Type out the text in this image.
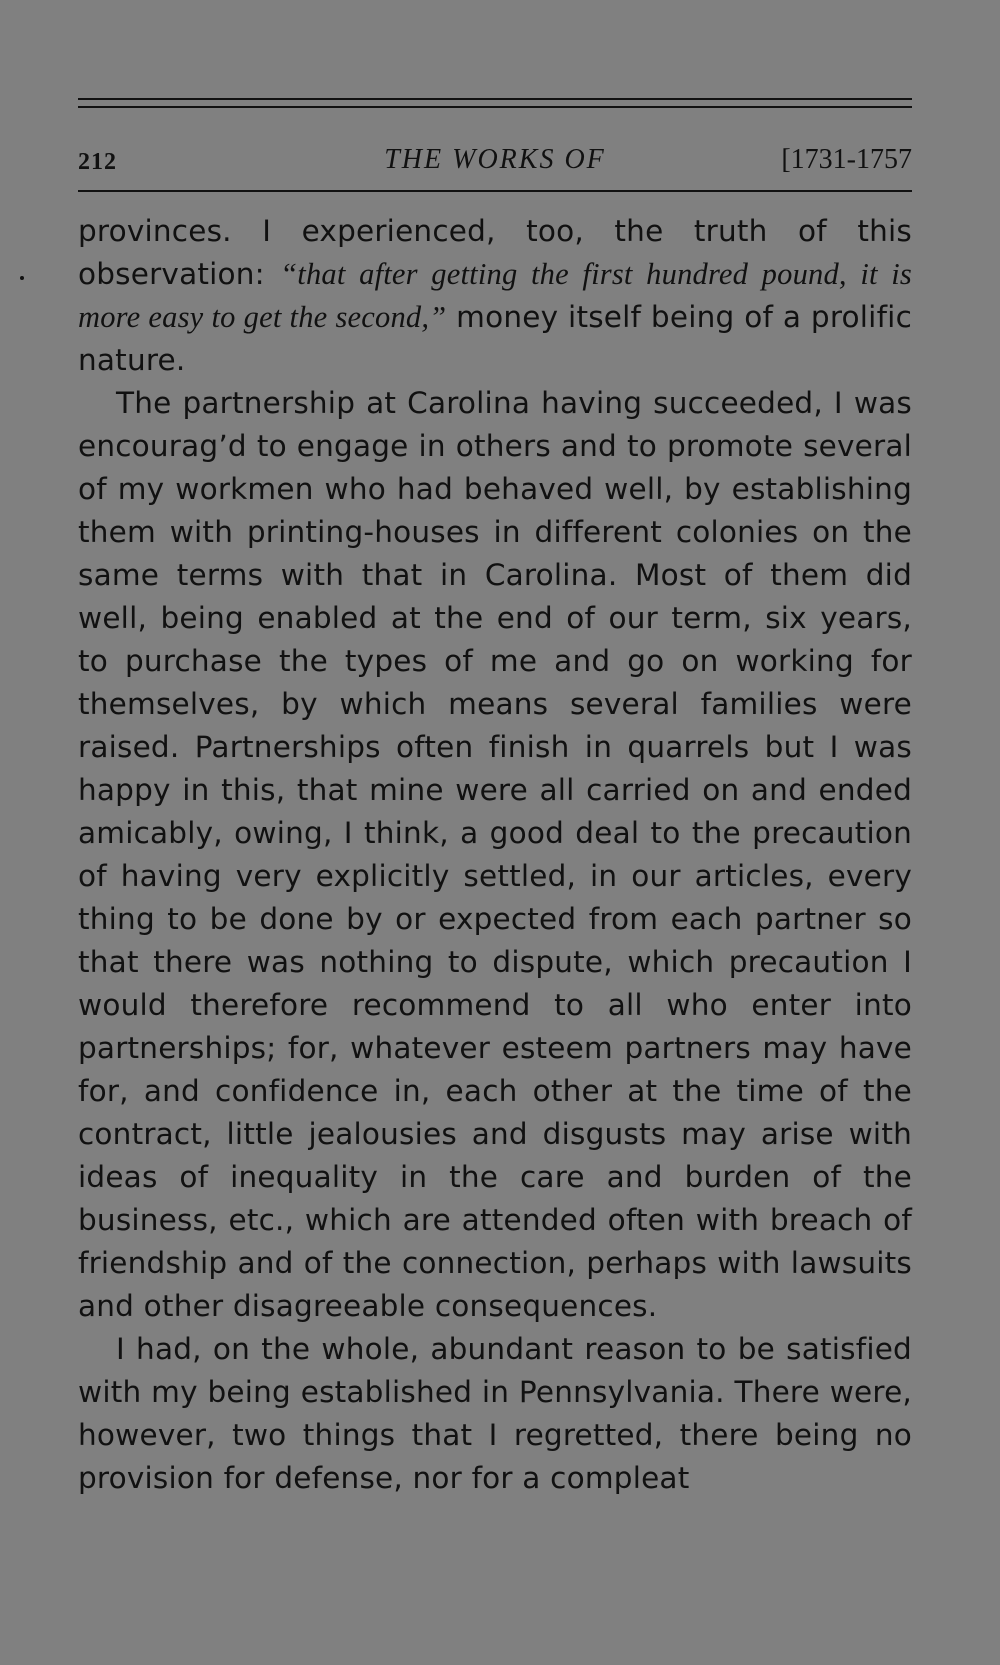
212	THE WORKS OF	[1731-1757

provinces. I experienced, too, the truth of this observation: “that after getting the first hundred pound, it is more easy to get the second,” money itself being of a prolific nature.

The partnership at Carolina having succeeded, I was encourag’d to engage in others and to promote several of my workmen who had behaved well, by establishing them with printing-houses in different colonies on the same terms with that in Carolina. Most of them did well, being enabled at the end of our term, six years, to purchase the types of me and go on working for themselves, by which means several families were raised. Partnerships often finish in quarrels but I was happy in this, that mine were all carried on and ended amicably, owing, I think, a good deal to the precaution of having very explicitly settled, in our articles, every thing to be done by or expected from each partner so that there was nothing to dispute, which precaution I would therefore recommend to all who enter into partnerships; for, whatever esteem partners may have for, and confidence in, each other at the time of the contract, little jealousies and disgusts may arise with ideas of inequality in the care and burden of the business, etc., which are attended often with breach of friendship and of the connection, perhaps with lawsuits and other disagreeable consequences.

I had, on the whole, abundant reason to be satisfied with my being established in Pennsylvania. There were, however, two things that I regretted, there being no provision for defense, nor for a compleat
